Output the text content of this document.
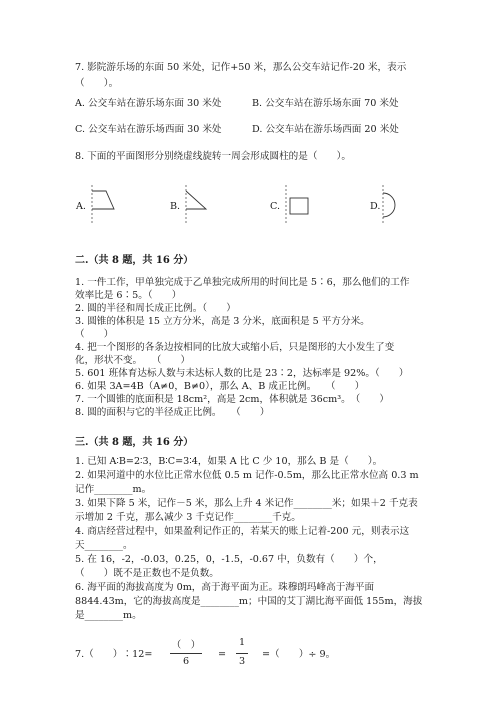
7. 影院游乐场的东面 50 米处，记作+50 米，那么公交车站记作-20 米，表示
（　　）。
A. 公交车站在游乐场东面 30 米处	B. 公交车站在游乐场东面 70 米处
C. 公交车站在游乐场西面 30 米处	D. 公交车站在游乐场西面 20 米处
8. 下面的平面图形分别绕虚线旋转一周会形成圆柱的是（　　）。
A.	B.	C.	D.
二.（共 8 题，共 16 分）
1. 一件工作，甲单独完成于乙单独完成所用的时间比是 5∶6，那么他们的工作
效率比是 6∶5。（　　）
2. 圆的半径和周长成正比例。（　　）
3. 圆锥的体积是 15 立方分米，高是 3 分米，底面积是 5 平方分米。
（　　）
4. 把一个图形的各条边按相同的比放大或缩小后，只是图形的大小发生了变
化，形状不变。　　（　　）
5. 601 班体育达标人数与未达标人数的比是 23∶2，达标率是 92%。（　　）
6. 如果 3A=4B（A≠0，B≠0），那么 A、B 成正比例。　　（　　）
7. 一个圆锥的底面积是 18cm²，高是 2cm，体积就是 36cm³。　（　　）
8. 圆的面积与它的半径成正比例。　　（　　）
三.（共 8 题，共 16 分）
1. 已知 A∶B=2∶3，B∶C=3∶4，如果 A 比 C 少 10，那么 B 是（　　）。
2. 如果河道中的水位比正常水位低 0.5 m 记作-0.5m，那么比正常水位高 0.3 m
记作________m。
3. 如果下降 5 米，记作－5 米，那么上升 4 米记作________米；如果＋2 千克表
示增加 2 千克，那么减少 3 千克记作________千克。
4. 商店经营过程中，如果盈利记作正的，若某天的账上记着-200 元，则表示这
天________。
5. 在 16，-2，-0.03，0.25，0，-1.5，-0.67 中，负数有（　　）个，
（　　）既不是正数也不是负数。
6. 海平面的海拔高度为 0m，高于海平面为正。珠穆朗玛峰高于海平面
8844.43m，它的海拔高度是________m；中国的艾丁湖比海平面低 155m，海拔
是________m。
7.（　　）∶12=
（　）
6
=
1
3
=（　　）÷ 9。
